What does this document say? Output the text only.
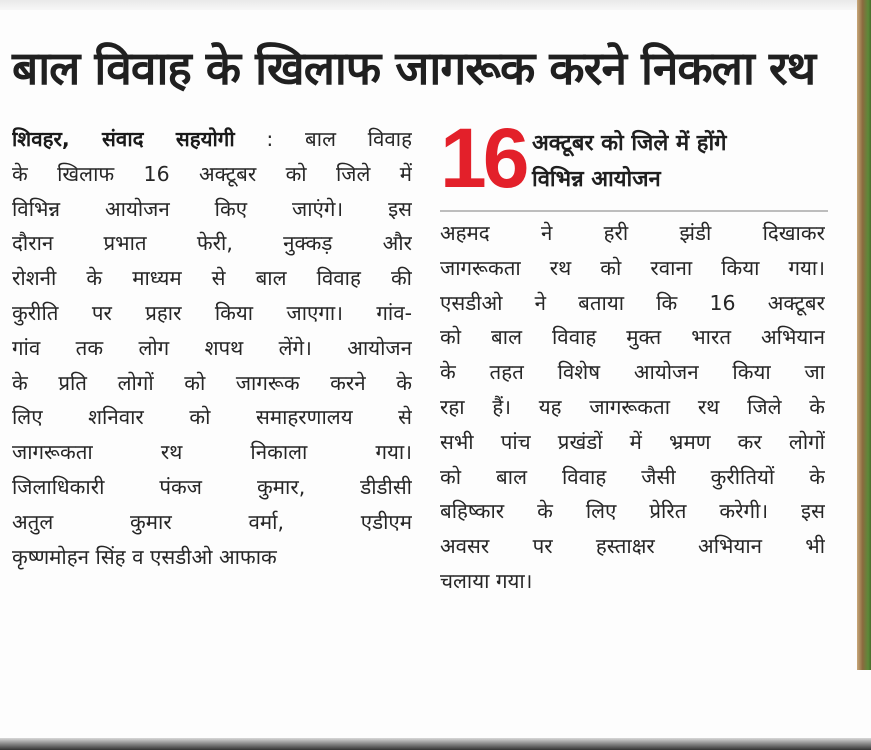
बाल विवाह के खिलाफ जागरूक करने निकला रथ
शिवहर, संवाद सहयोगी : बाल विवाह
के खिलाफ 16 अक्टूबर को जिले में
विभिन्न आयोजन किए जाएंगे। इस
दौरान प्रभात फेरी, नुक्कड़ और
रोशनी के माध्यम से बाल विवाह की
कुरीति पर प्रहार किया जाएगा। गांव-
गांव तक लोग शपथ लेंगे। आयोजन
के प्रति लोगों को जागरूक करने के
लिए शनिवार को समाहरणालय से
जागरूकता रथ निकाला गया।
जिलाधिकारी पंकज कुमार, डीडीसी
अतुल कुमार वर्मा, एडीएम
कृष्णमोहन सिंह व एसडीओ आफाक
16 अक्टूबर को जिले में होंगे
विभिन्न आयोजन
अहमद ने हरी झंडी दिखाकर
जागरूकता रथ को रवाना किया गया।
एसडीओ ने बताया कि 16 अक्टूबर
को बाल विवाह मुक्त भारत अभियान
के तहत विशेष आयोजन किया जा
रहा हैं। यह जागरूकता रथ जिले के
सभी पांच प्रखंडों में भ्रमण कर लोगों
को बाल विवाह जैसी कुरीतियों के
बहिष्कार के लिए प्रेरित करेगी। इस
अवसर पर हस्ताक्षर अभियान भी
चलाया गया।
